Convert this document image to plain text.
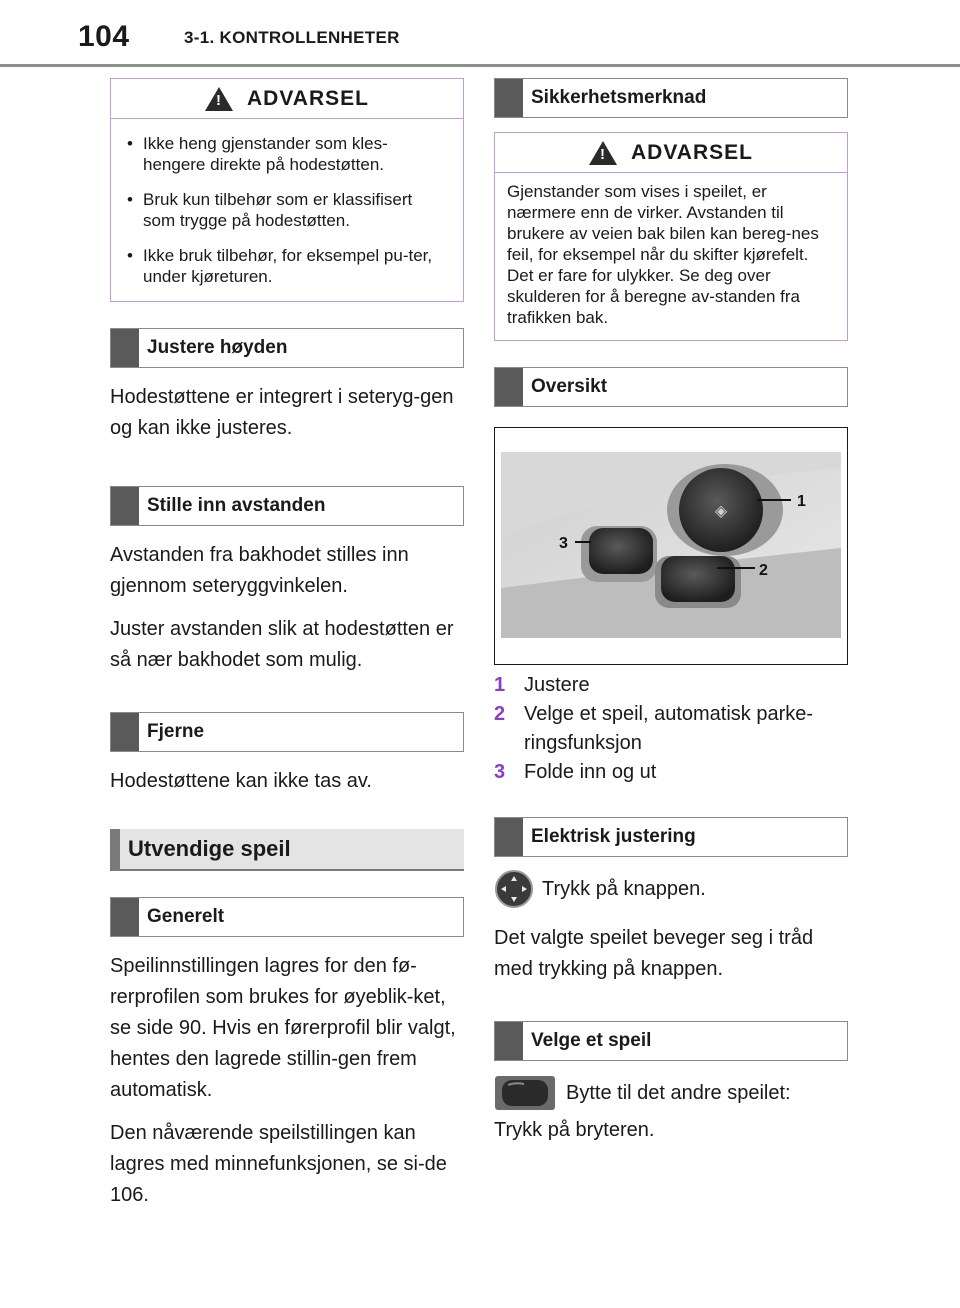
104	3-1. KONTROLLENHETER
! ADVARSEL
• Ikke heng gjenstander som kles-hengere direkte på hodestøtten.
• Bruk kun tilbehør som er klassifisert som trygge på hodestøtten.
• Ikke bruk tilbehør, for eksempel pu-ter, under kjøreturen.
Justere høyden

Hodestøttene er integrert i seteryg-gen og kan ikke justeres.

Stille inn avstanden

Avstanden fra bakhodet stilles inn gjennom seteryggvinkelen.

Juster avstanden slik at hodestøtten er så nær bakhodet som mulig.

Fjerne

Hodestøttene kan ikke tas av.

Utvendige speil
Generelt

Speilinnstillingen lagres for den fø-rerprofilen som brukes for øyeblik-ket, se side 90. Hvis en førerprofil blir valgt, hentes den lagrede stillin-gen frem automatisk.

Den nåværende speilstillingen kan lagres med minnefunksjonen, se si-de 106.

Sikkerhetsmerknad
! ADVARSEL

Gjenstander som vises i speilet, er nærmere enn de virker. Avstanden til brukere av veien bak bilen kan bereg-nes feil, for eksempel når du skifter kjørefelt. Det er fare for ulykker. Se deg over skulderen for å beregne av-standen fra trafikken bak.

Oversikt
◈	1
2
3
1 Justere
2 Velge et speil, automatisk parke-ringsfunksjon
3 Folde inn og ut
Elektrisk justering
Trykk på knappen.

Det valgte speilet beveger seg i tråd med trykking på knappen.

Velge et speil
Bytte til det andre speilet:

Trykk på bryteren.
